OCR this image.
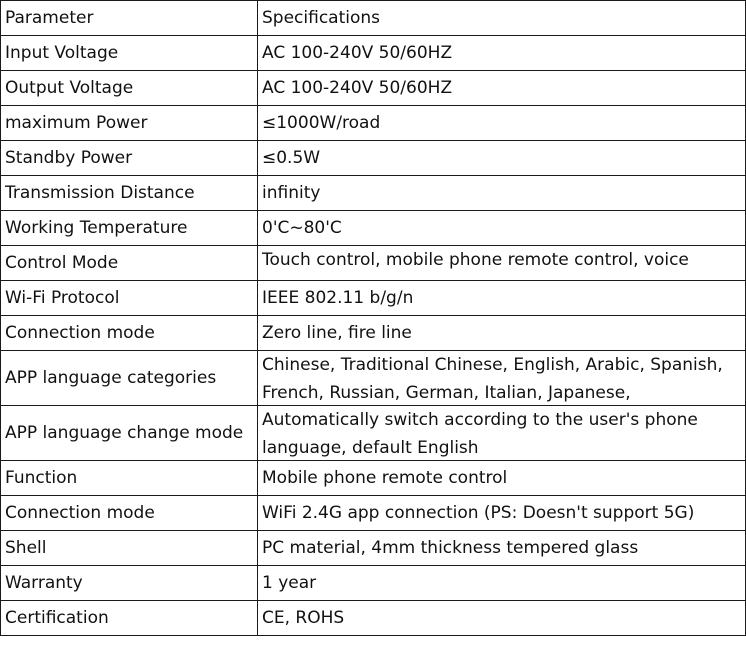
Parameter	Specifications
Input Voltage	AC 100-240V 50/60HZ
Output Voltage	AC 100-240V 50/60HZ
maximum Power	≤1000W/road
Standby Power	≤0.5W
Transmission Distance	infinity
Working Temperature	0'C~80'C
Control Mode	Touch control, mobile phone remote control, voice

Wi-Fi Protocol	IEEE 802.11 b/g/n
Connection mode	Zero line, fire line
APP language categories	Chinese, Traditional Chinese, English, Arabic, Spanish, French, Russian, German, Italian, Japanese,

APP language change mode	Automatically switch according to the user's phone language, default English

Function	Mobile phone remote control
Connection mode	WiFi 2.4G app connection (PS: Doesn't support 5G)
Shell	PC material, 4mm thickness tempered glass
Warranty	1 year
Certification	CE, ROHS
